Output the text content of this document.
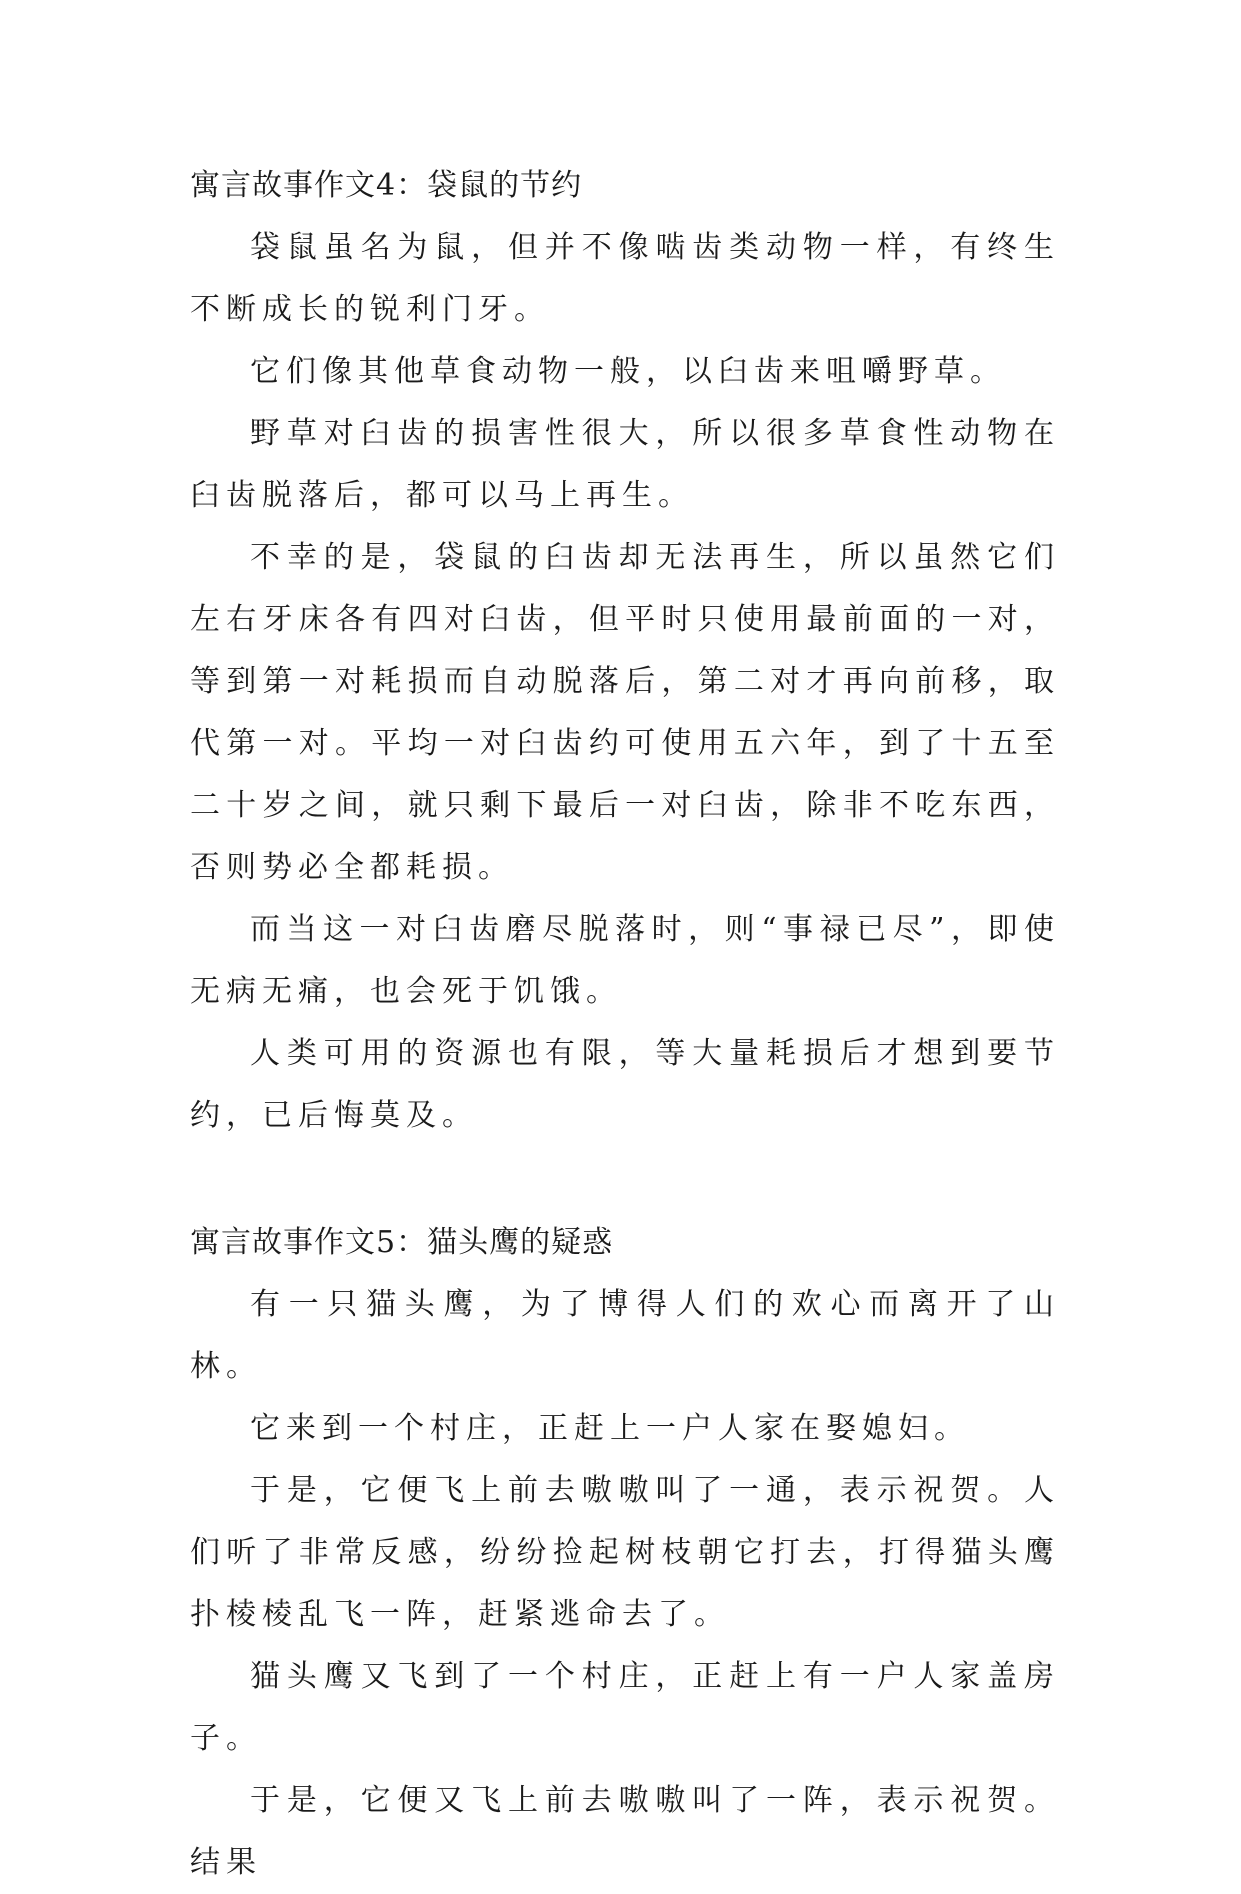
寓言故事作文4：袋鼠的节约

袋鼠虽名为鼠，但并不像啮齿类动物一样，有终生不断成长的锐利门牙。

它们像其他草食动物一般，以臼齿来咀嚼野草。

野草对臼齿的损害性很大，所以很多草食性动物在臼齿脱落后，都可以马上再生。

不幸的是，袋鼠的臼齿却无法再生，所以虽然它们左右牙床各有四对臼齿，但平时只使用最前面的一对，等到第一对耗损而自动脱落后，第二对才再向前移，取代第一对。平均一对臼齿约可使用五六年，到了十五至二十岁之间，就只剩下最后一对臼齿，除非不吃东西，否则势必全都耗损。

而当这一对臼齿磨尽脱落时，则“事禄已尽”，即使无病无痛，也会死于饥饿。

人类可用的资源也有限，等大量耗损后才想到要节约，已后悔莫及。

寓言故事作文5：猫头鹰的疑惑

有一只猫头鹰，为了博得人们的欢心而离开了山林。

它来到一个村庄，正赶上一户人家在娶媳妇。

于是，它便飞上前去嗷嗷叫了一通，表示祝贺。人们听了非常反感，纷纷捡起树枝朝它打去，打得猫头鹰扑棱棱乱飞一阵，赶紧逃命去了。

猫头鹰又飞到了一个村庄，正赶上有一户人家盖房子。

于是，它便又飞上前去嗷嗷叫了一阵，表示祝贺。结果
